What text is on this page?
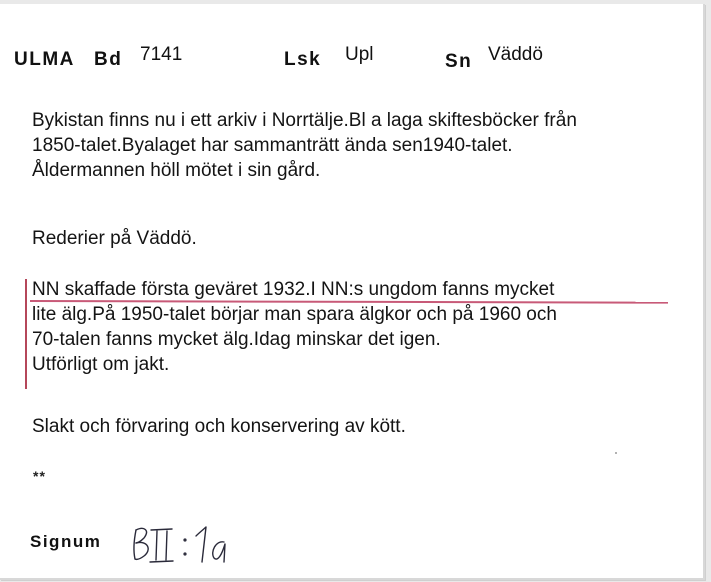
ULMA Bd 7141	Lsk Upl	Sn Väddö

Bykistan finns nu i ett arkiv i Norrtälje.Bl a laga skiftesböcker från
1850-talet.Byalaget har sammanträtt ända sen1940-talet.
Åldermannen höll mötet i sin gård.

Rederier på Väddö.

NN skaffade första geväret 1932.I NN:s ungdom fanns mycket
lite älg.På 1950-talet börjar man spara älgkor och på 1960 och
70-talen fanns mycket älg.Idag minskar det igen.
Utförligt om jakt.

Slakt och förvaring och konservering av kött.

**
Signum
